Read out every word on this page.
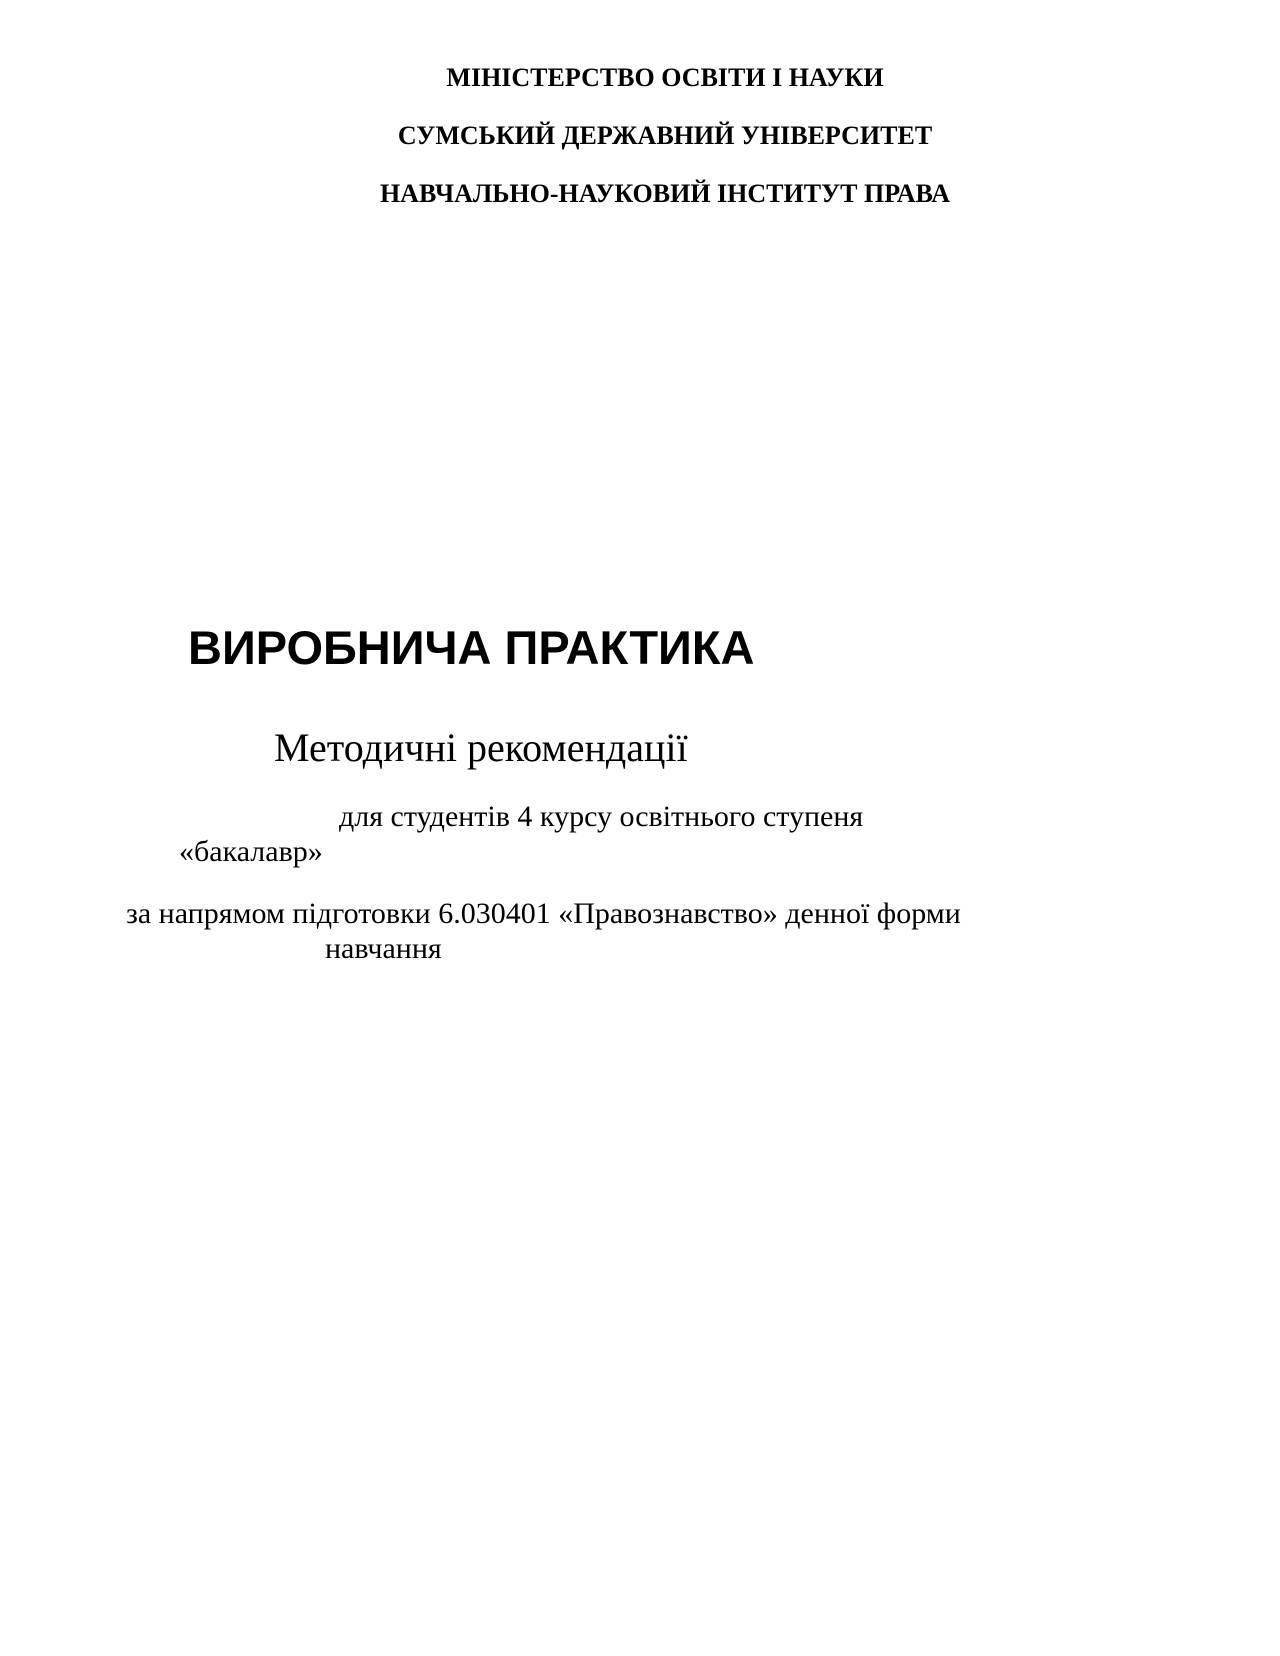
МІНІСТЕРСТВО ОСВІТИ І НАУКИ
СУМСЬКИЙ ДЕРЖАВНИЙ УНІВЕРСИТЕТ
НАВЧАЛЬНО-НАУКОВИЙ ІНСТИТУТ ПРАВА
ВИРОБНИЧА ПРАКТИКА
Методичні рекомендації
для студентів 4 курсу освітнього ступеня
«бакалавр»
за напрямом підготовки 6.030401 «Правознавство» денної форми
навчання
